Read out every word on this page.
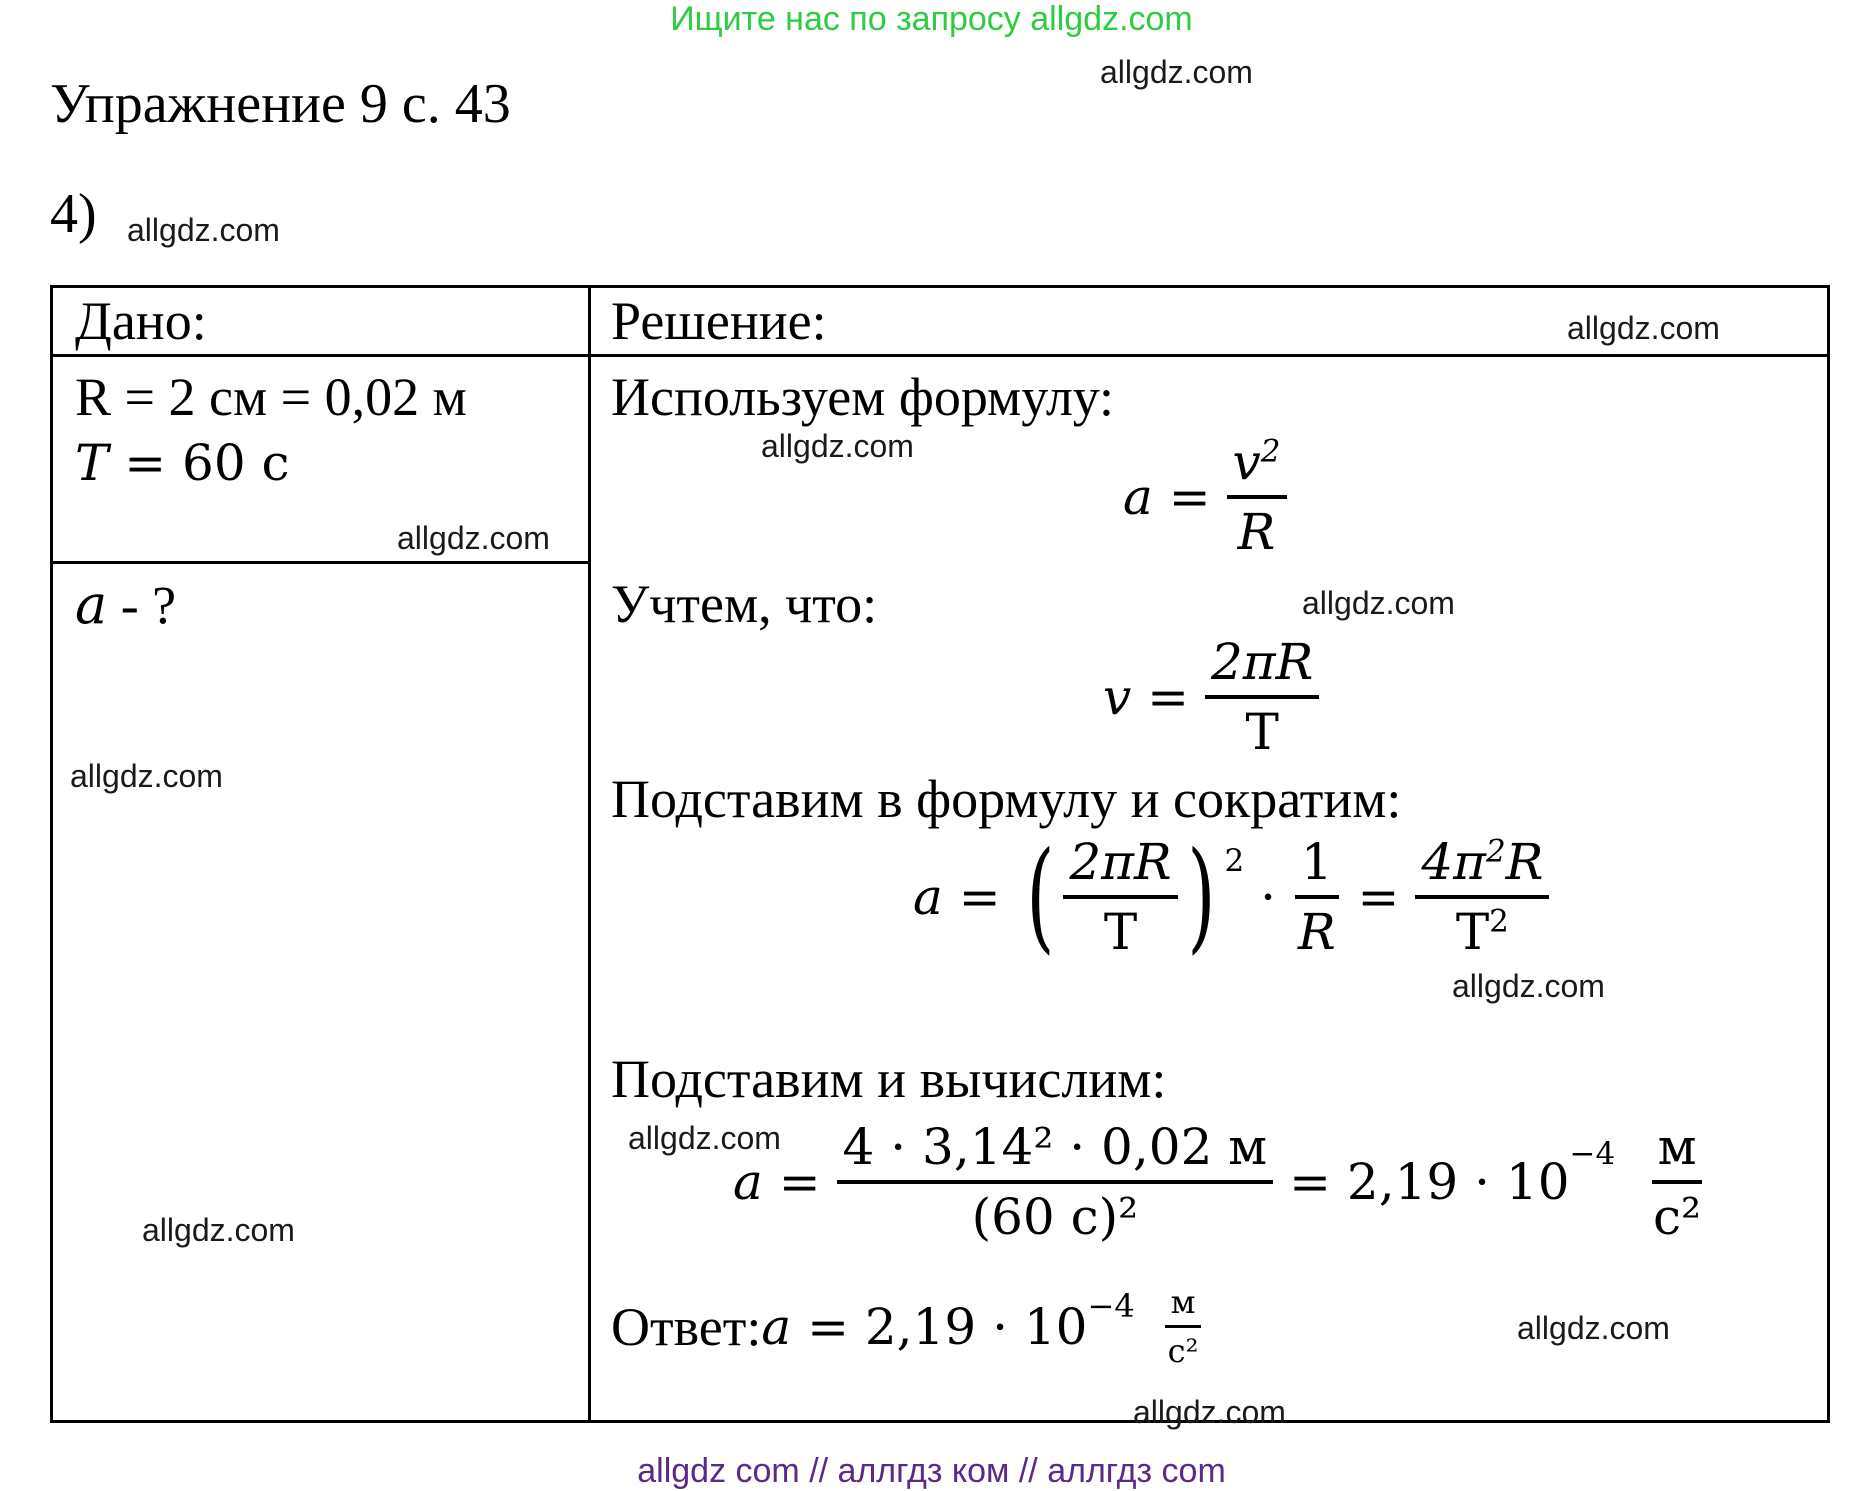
Ищите нас по запросу allgdz.com
Упражнение 9 с. 43
4)
Дано:
R = 2 см = 0,02 м
T = 60 с
a - ?
Решение:
Используем формулу:
a =
$\frac{v^2}{R}$
Учтем, что:
v =
$\frac{2\pi R}{T}$
Подставим в формулу и сократим:
a =
( $\frac{2\pi R}{T}$ ) $^2$

·
$\frac{1}{R}$
=
$\frac{4\pi^2R}{T^2}$
Подставим и вычислим:
a =
$\frac{\text{4 · 3,14² · 0,02 м}}{\text{(60 с)²}}$
= $2,19 \cdot 10^{-4}$
$\frac{м}{\text{с²}}$
Ответ: $a = 2,19 \cdot 10^{-4}$
$\frac{м}{\text{с²}}$
allgdz.com
allgdz.com
allgdz.com
allgdz.com
allgdz.com
allgdz.com
allgdz.com
allgdz.com
allgdz.com
allgdz.com
allgdz.com
allgdz.com
allgdz com // аллгдз ком // аллгдз com
